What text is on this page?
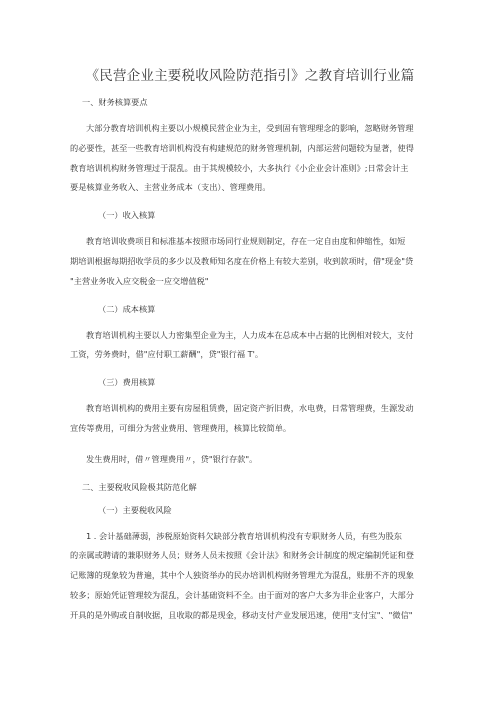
《民营企业主要税收风险防范指引》之教育培训行业篇
一、财务核算要点
大部分教育培训机构主要以小规模民营企业为主，受到固有管理理念的影响，忽略财务管理
的必要性，甚至一些教育培训机构没有构建规范的财务管理机制，内部运营问题较为显著，使得
教育培训机构财务管理过于混乱。由于其规模较小，大多执行《小企业会计准则》;日常会计主
要是核算业务收入、主营业务成本（支出）、管理费用。
（一）收入核算
教育培训收费项目和标准基本按照市场同行业规则制定，存在一定自由度和伸缩性，如短
期培训根据每期招收学员的多少以及教师知名度在价格上有较大差别，收到款项时，借"现金"贷
"主营业务收入应交税金一应交增值税"
（二）成本核算
教育培训机构主要以人力密集型企业为主，人力成本在总成本中占据的比例相对较大，支付
工资，劳务费时，借"应付职工薪酬"，贷"银行福 T'。
（三）费用核算
教育培训机构的费用主要有房屋租赁费，固定资产折旧费，水电费，日常管理费，生源发动
宣传等费用，可细分为营业费用、管理费用，核算比较简单。
发生费用时，借〃管理费用〃，贷"银行存款"。
二、主要税收风险极其防范化解
（一）主要税收风险
1 . 会计基础薄弱，涉税原始资料欠缺部分教育培训机构没有专职财务人员，有些为股东
的亲属或聘请的兼职财务人员；财务人员未按照《会计法》和财务会计制度的规定编制凭证和登
记账簿的现象较为普遍，其中个人独资举办的民办培训机构财务管理尤为混乱，账册不齐的现象
较多；原始凭证管理较为混乱，会计基础资料不全。由于面对的客户大多为非企业客户，大部分
开具的是外购或自制收据，且收取的都是现金，移动支付产业发展迅速，使用"支付宝"、"微信"
